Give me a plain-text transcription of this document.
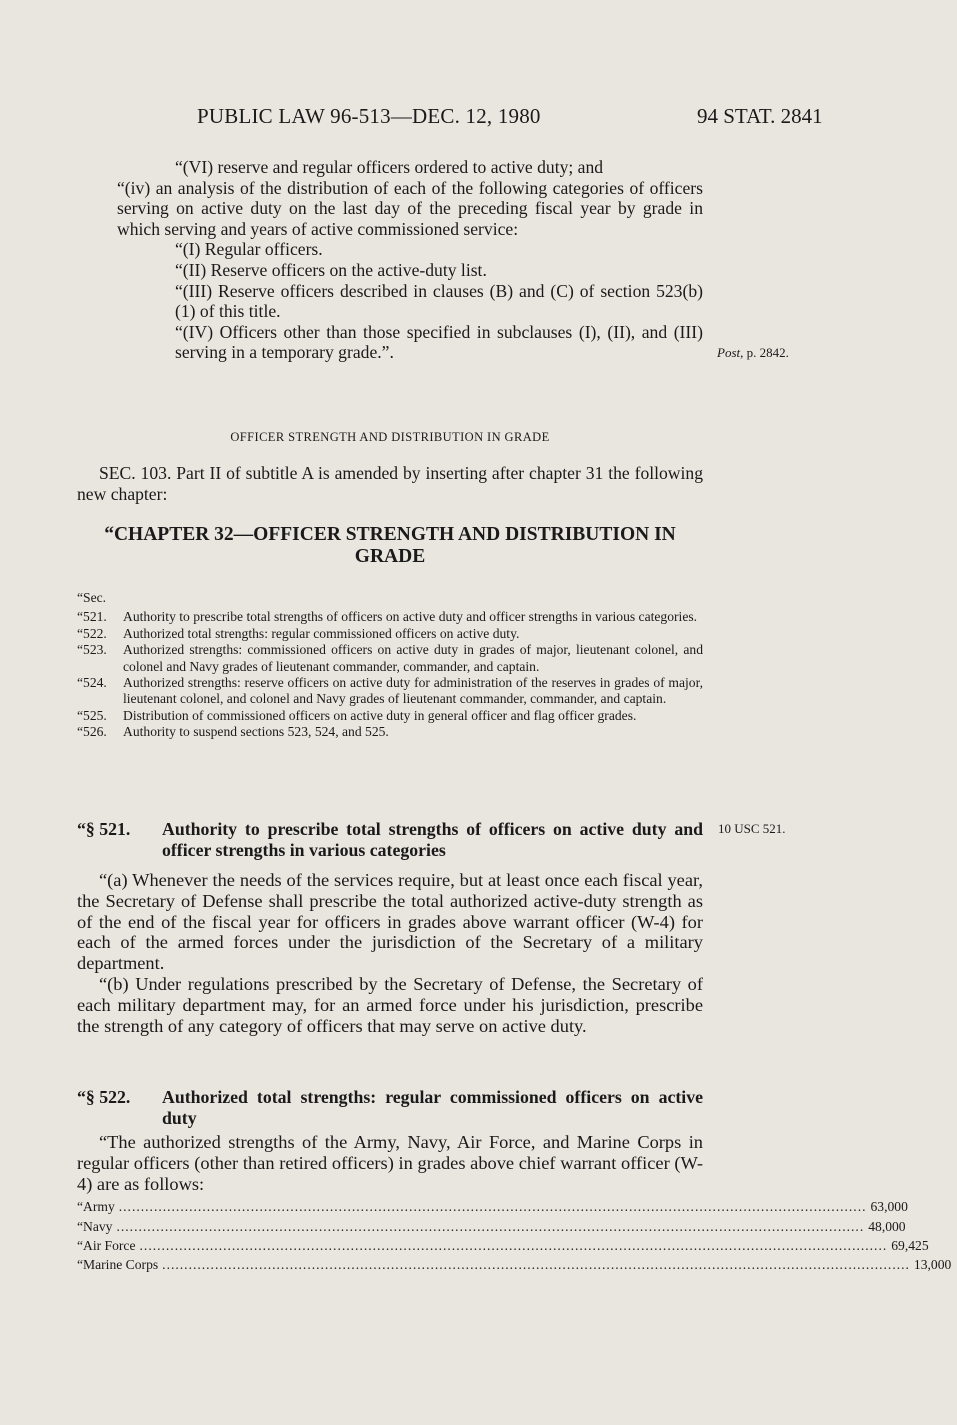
PUBLIC LAW 96-513—DEC. 12, 1980	94 STAT. 2841
Post, p. 2842.
10 USC 521.

“(VI) reserve and regular officers ordered to active duty; and

“(iv) an analysis of the distribution of each of the following categories of officers serving on active duty on the last day of the preceding fiscal year by grade in which serving and years of active commissioned service:

“(I) Regular officers.

“(II) Reserve officers on the active-duty list.

“(III) Reserve officers described in clauses (B) and (C) of section 523(b)(1) of this title.

“(IV) Officers other than those specified in subclauses (I), (II), and (III) serving in a temporary grade.”.

OFFICER STRENGTH AND DISTRIBUTION IN GRADE

SEC. 103. Part II of subtitle A is amended by inserting after chapter 31 the following new chapter:

“CHAPTER 32—OFFICER STRENGTH AND DISTRIBUTION IN GRADE

“Sec.

“521.	Authority to prescribe total strengths of officers on active duty and officer strengths in various categories.
“522.	Authorized total strengths: regular commissioned officers on active duty.
“523.	Authorized strengths: commissioned officers on active duty in grades of major, lieutenant colonel, and colonel and Navy grades of lieutenant commander, commander, and captain.
“524.	Authorized strengths: reserve officers on active duty for administration of the reserves in grades of major, lieutenant colonel, and colonel and Navy grades of lieutenant commander, commander, and captain.
“525.	Distribution of commissioned officers on active duty in general officer and flag officer grades.
“526.	Authority to suspend sections 523, 524, and 525.
“§ 521.	Authority to prescribe total strengths of officers on active duty and officer strengths in various categories

“(a) Whenever the needs of the services require, but at least once each fiscal year, the Secretary of Defense shall prescribe the total authorized active-duty strength as of the end of the fiscal year for officers in grades above warrant officer (W-4) for each of the armed forces under the jurisdiction of the Secretary of a military department.

“(b) Under regulations prescribed by the Secretary of Defense, the Secretary of each military department may, for an armed force under his jurisdiction, prescribe the strength of any category of officers that may serve on active duty.

“§ 522.	Authorized total strengths: regular commissioned officers on active duty

“The authorized strengths of the Army, Navy, Air Force, and Marine Corps in regular officers (other than retired officers) in grades above chief warrant officer (W-4) are as follows:

“Army .......................................................................................................................................................................... 63,000
“Navy .......................................................................................................................................................................... 48,000
“Air Force .......................................................................................................................................................................... 69,425
“Marine Corps .......................................................................................................................................................................... 13,000
